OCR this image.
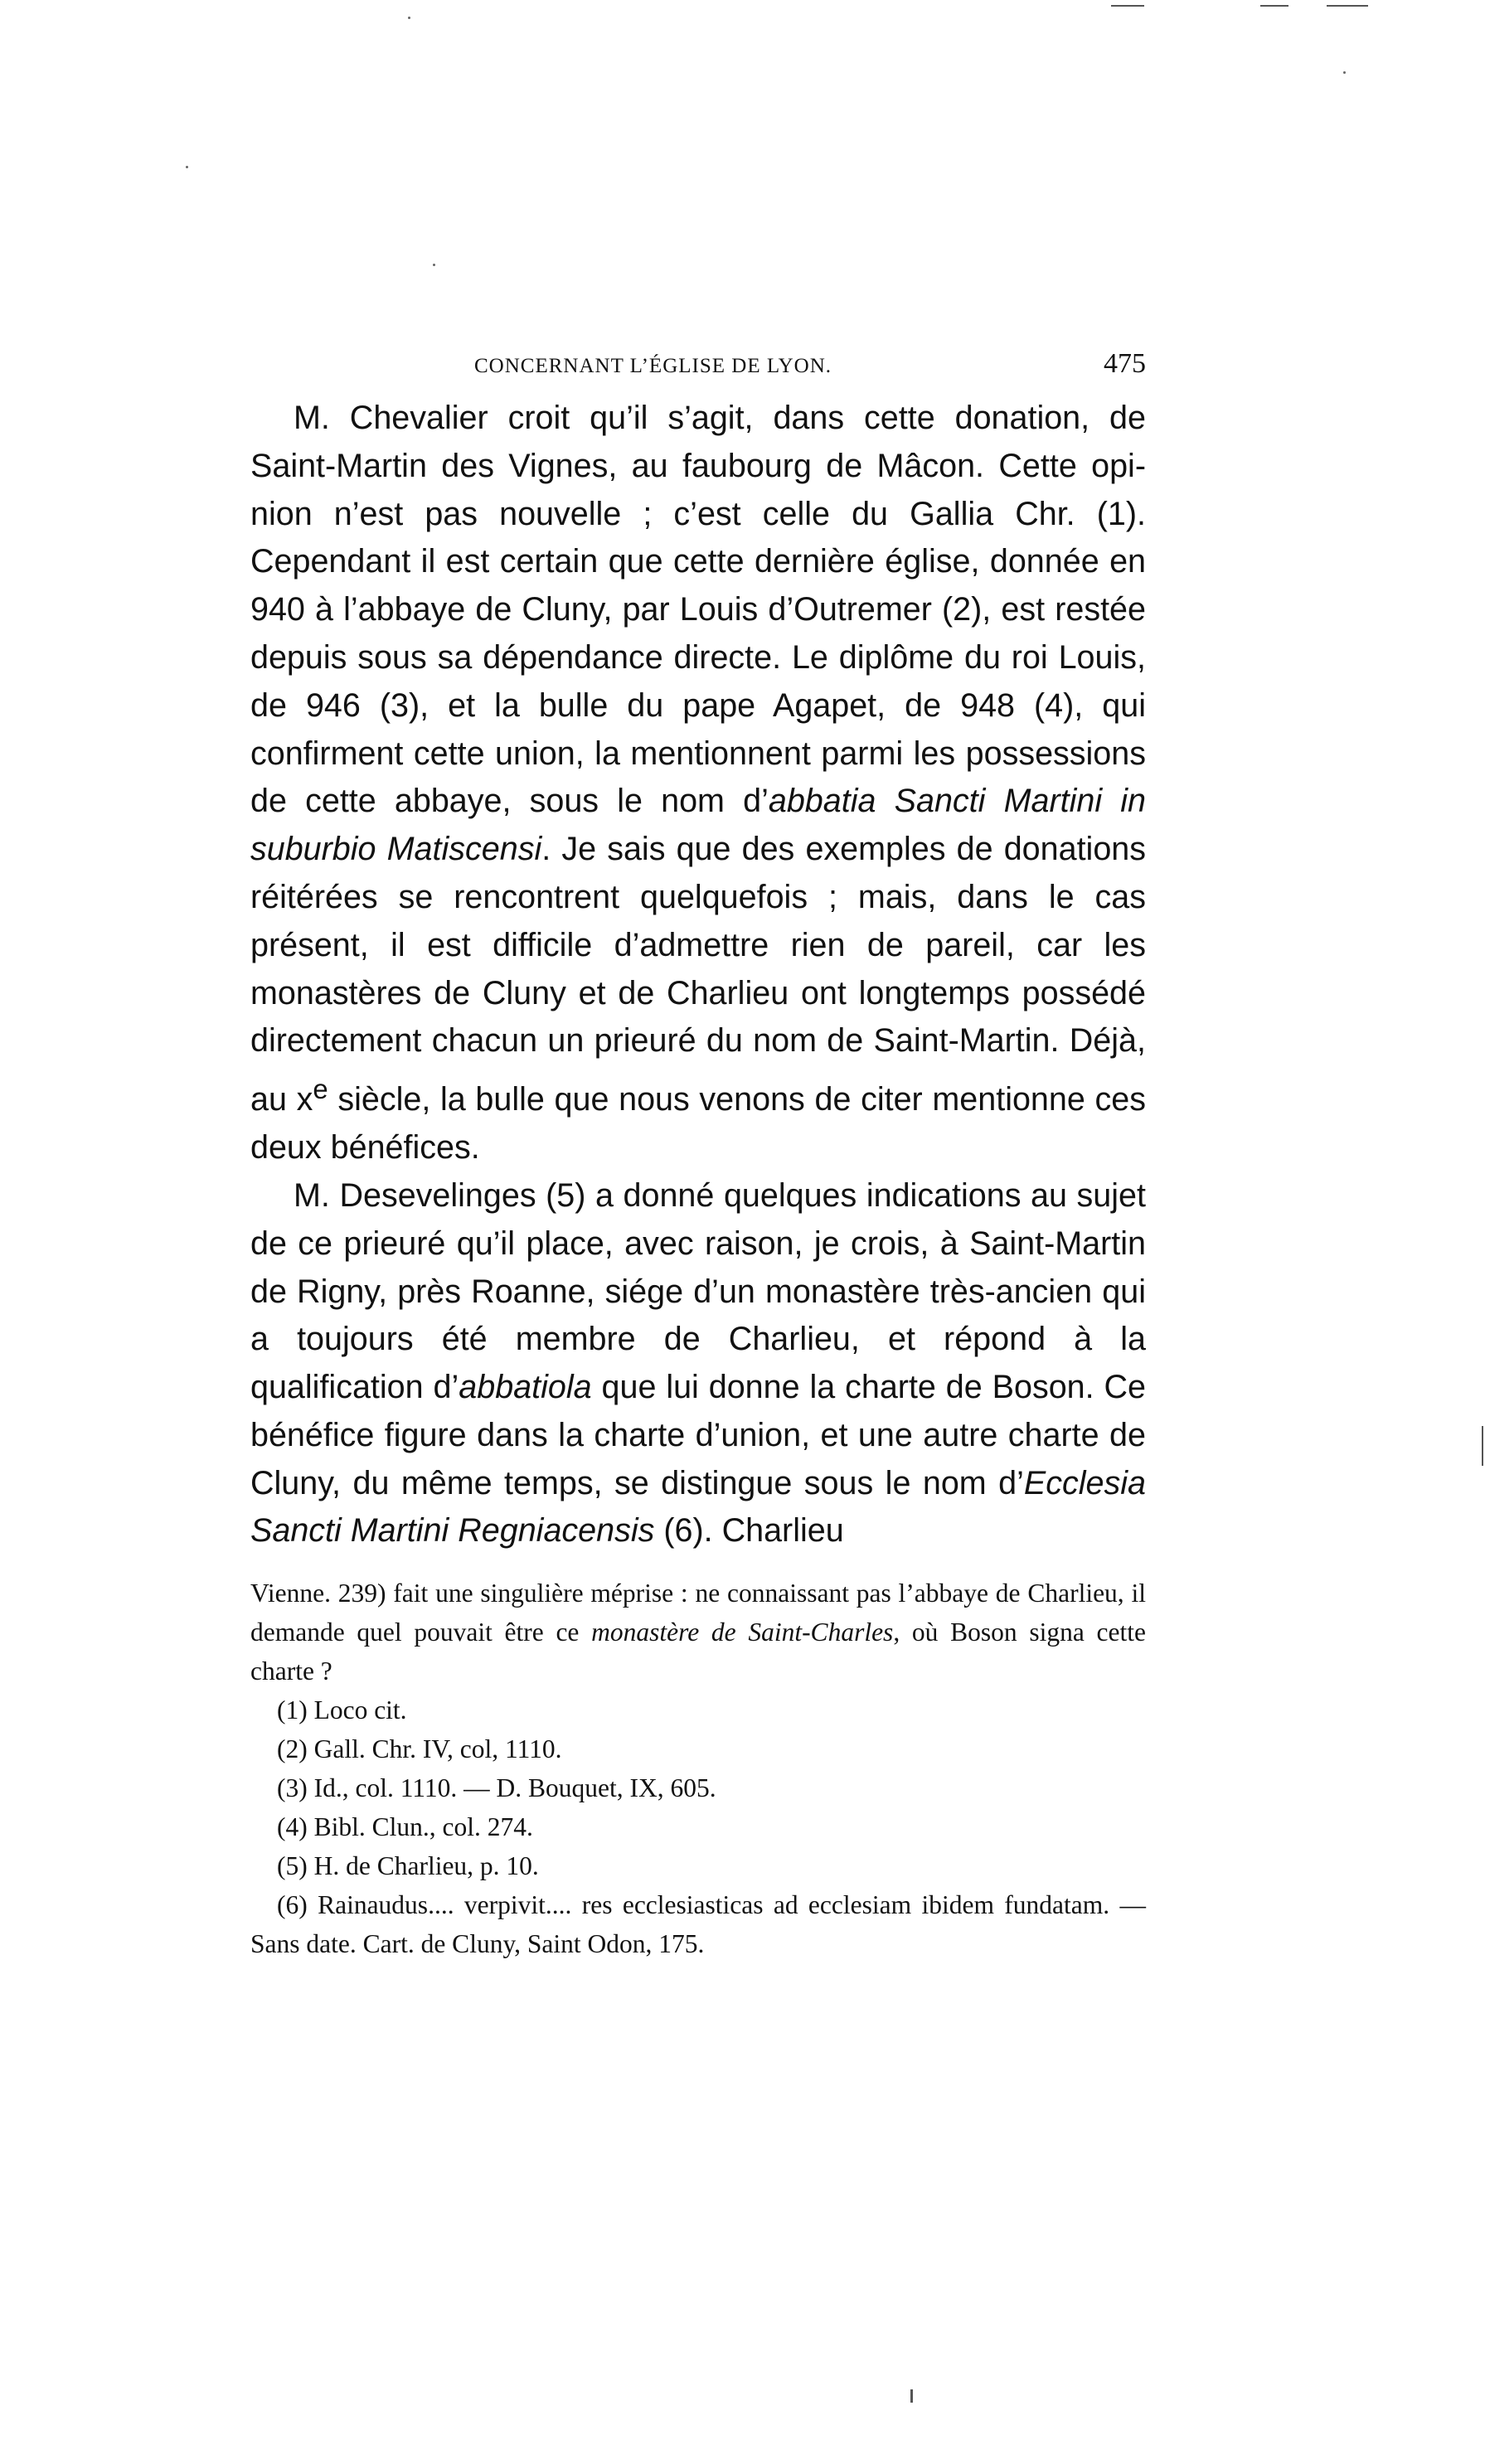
CONCERNANT L’ÉGLISE DE LYON.	475

M. Chevalier croit qu’il s’agit, dans cette donation, de Saint-Martin des Vignes, au faubourg de Mâcon. Cette opinion n’est pas nouvelle ; c’est celle du Gallia Chr. (1). Cependant il est certain que cette dernière église, donnée en 940 à l’abbaye de Cluny, par Louis d’Outremer (2), est restée depuis sous sa dépendance directe. Le diplôme du roi Louis, de 946 (3), et la bulle du pape Agapet, de 948 (4), qui confirment cette union, la mentionnent parmi les possessions de cette abbaye, sous le nom d’abbatia Sancti Martini in suburbio Matiscensi. Je sais que des exemples de donations réitérées se rencontrent quelquefois ; mais, dans le cas présent, il est difficile d’admettre rien de pareil, car les monastères de Cluny et de Charlieu ont longtemps possédé directement chacun un prieuré du nom de Saint-Martin. Déjà, au $x^e$ siècle, la bulle que nous venons de citer mentionne ces deux bénéfices.

M. Desevelinges (5) a donné quelques indications au sujet de ce prieuré qu’il place, avec raison, je crois, à Saint-Martin de Rigny, près Roanne, siége d’un monastère très-ancien qui a toujours été membre de Charlieu, et répond à la qualification d’abbatiola que lui donne la charte de Boson. Ce bénéfice figure dans la charte d’union, et une autre charte de Cluny, du même temps, se distingue sous le nom d’Ecclesia Sancti Martini Regniacensis (6). Charlieu

Vienne. 239) fait une singulière méprise : ne connaissant pas l’abbaye de Charlieu, il demande quel pouvait être ce monastère de Saint-Charles, où Boson signa cette charte ?

(1) Loco cit.

(2) Gall. Chr. IV, col, 1110.

(3) Id., col. 1110. — D. Bouquet, IX, 605.

(4) Bibl. Clun., col. 274.

(5) H. de Charlieu, p. 10.

(6) Rainaudus.... verpivit.... res ecclesiasticas ad ecclesiam ibidem fundatam. — Sans date. Cart. de Cluny, Saint Odon, 175.
